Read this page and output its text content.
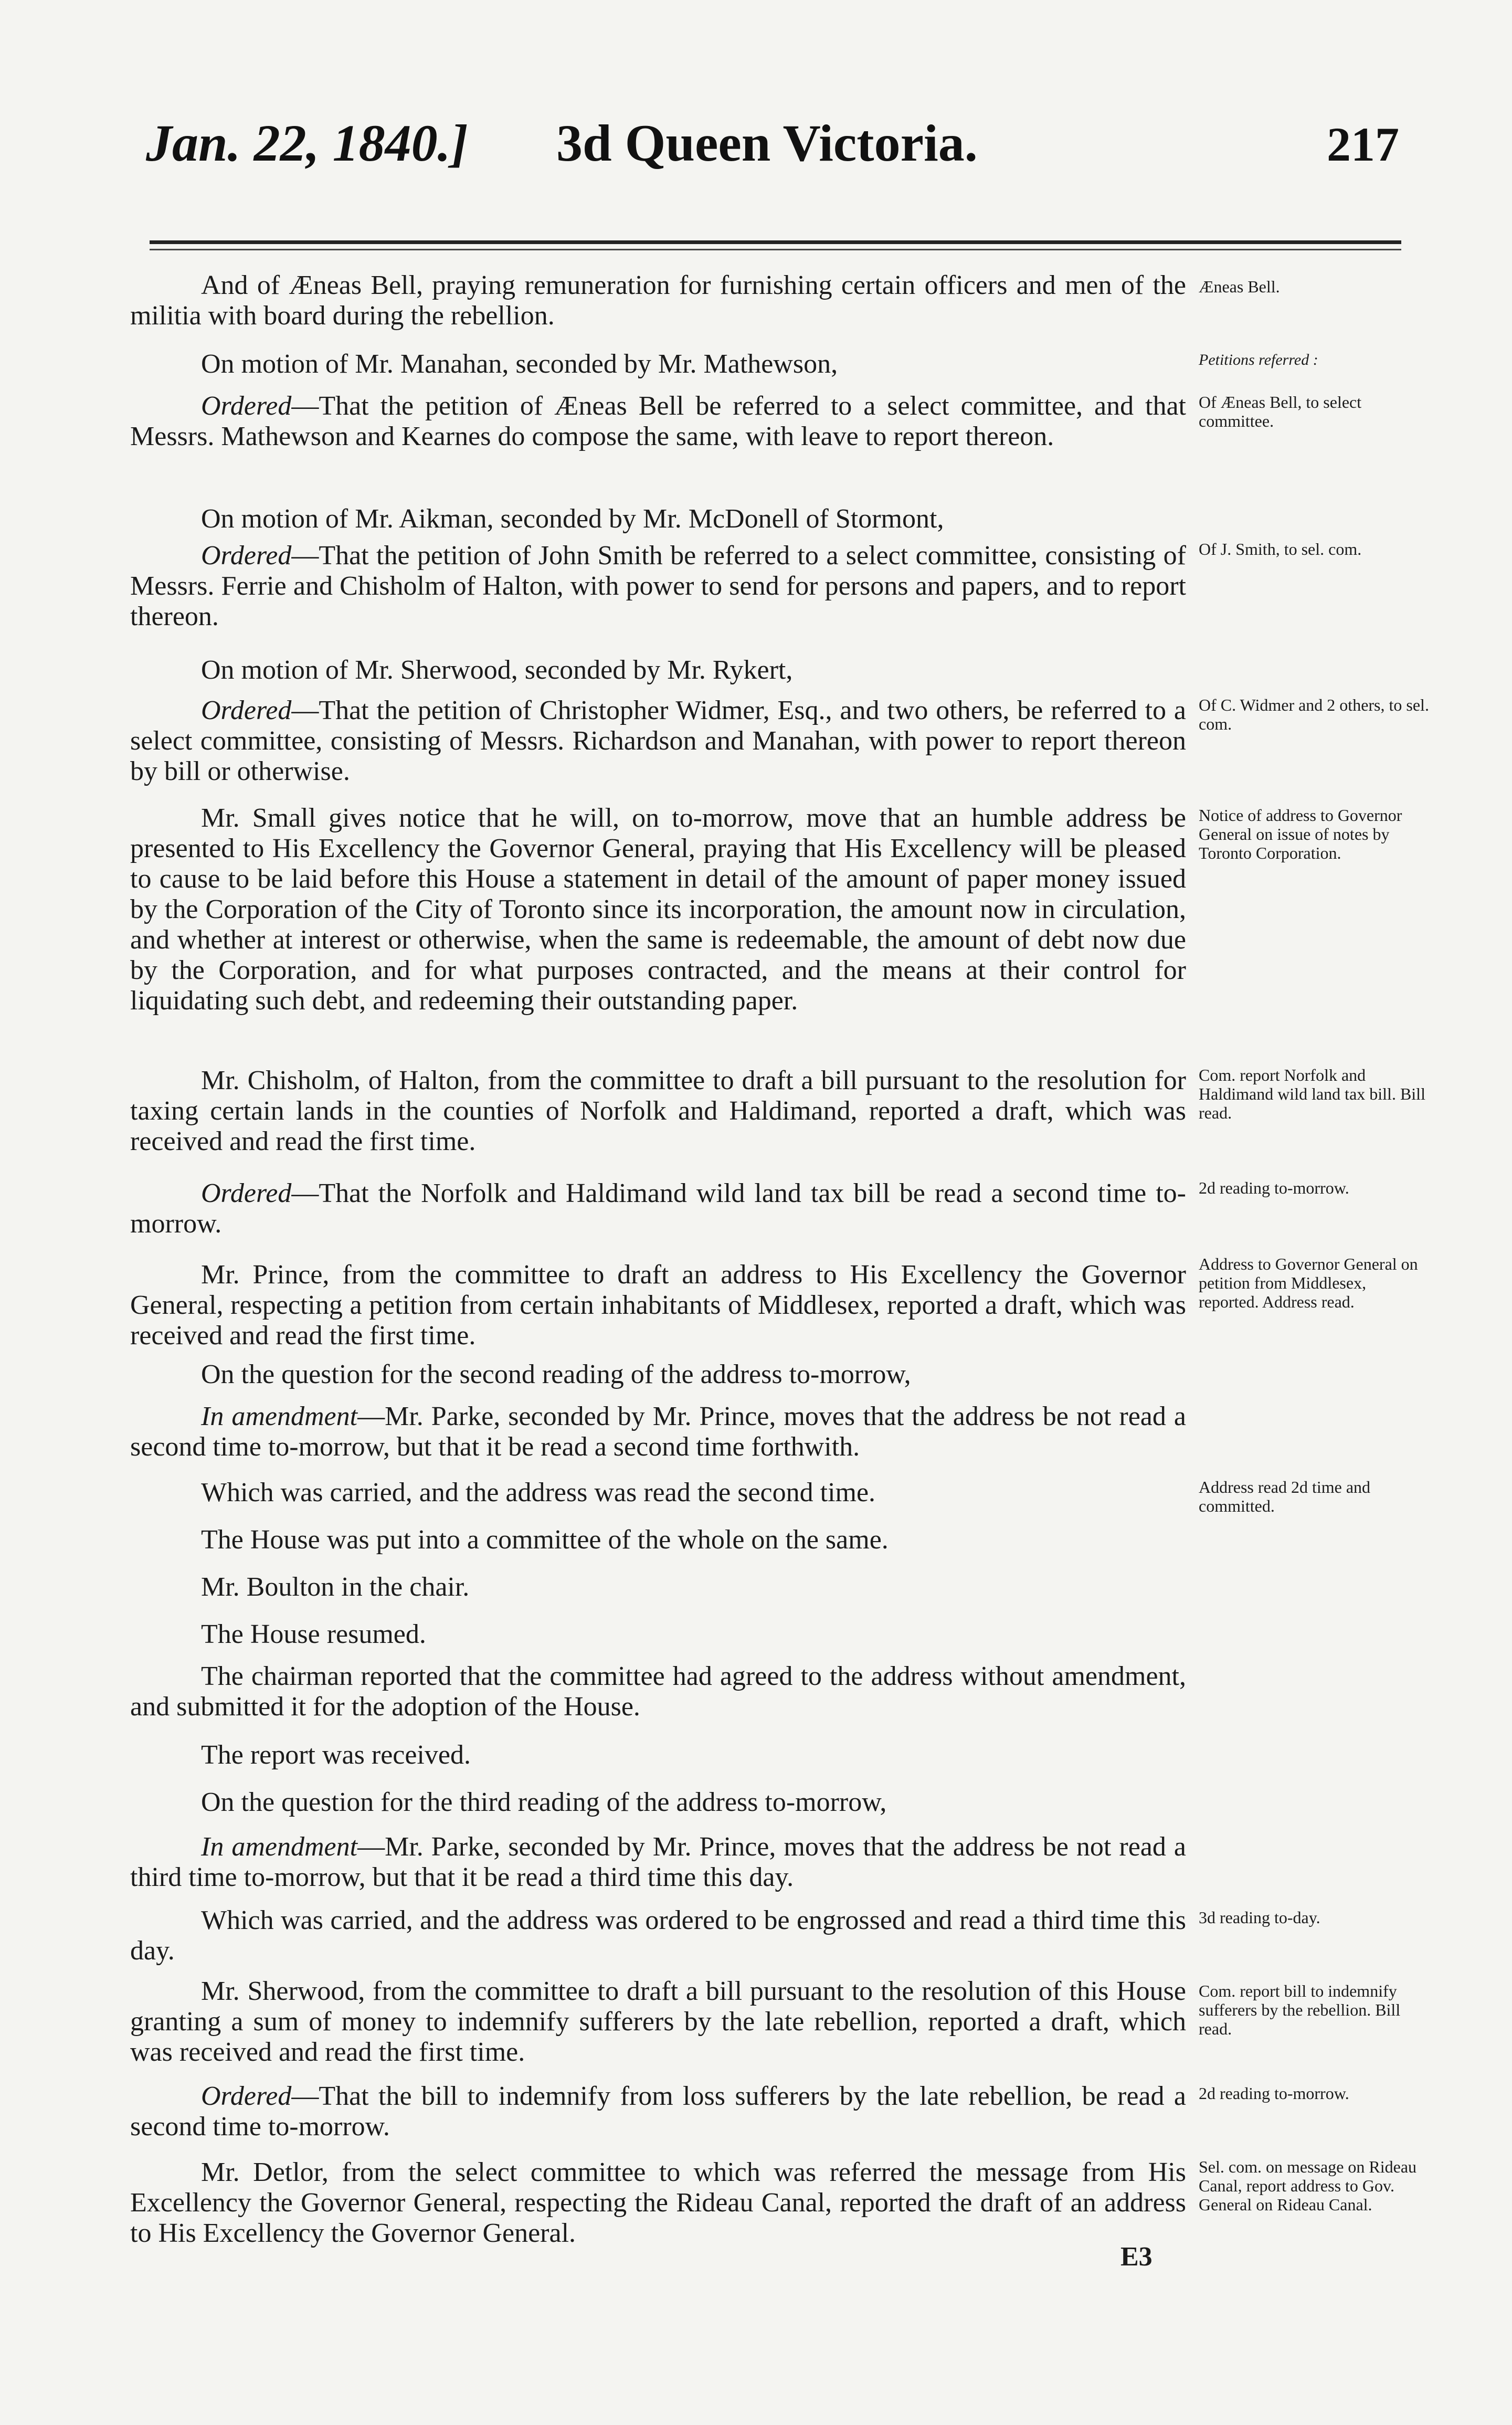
Jan. 22, 1840.] 3d Queen Victoria.	217
And of Æneas Bell, praying remuneration for furnishing certain officers and men of the militia with board during the rebellion.
On motion of Mr. Manahan, seconded by Mr. Mathewson,
Ordered—That the petition of Æneas Bell be referred to a select committee, and that Messrs. Mathewson and Kearnes do compose the same, with leave to report thereon.
On motion of Mr. Aikman, seconded by Mr. McDonell of Stormont,
Ordered—That the petition of John Smith be referred to a select committee, consisting of Messrs. Ferrie and Chisholm of Halton, with power to send for persons and papers, and to report thereon.
On motion of Mr. Sherwood, seconded by Mr. Rykert,
Ordered—That the petition of Christopher Widmer, Esq., and two others, be referred to a select committee, consisting of Messrs. Richardson and Manahan, with power to report thereon by bill or otherwise.
Mr. Small gives notice that he will, on to-morrow, move that an humble address be presented to His Excellency the Governor General, praying that His Excellency will be pleased to cause to be laid before this House a statement in detail of the amount of paper money issued by the Corporation of the City of Toronto since its incorporation, the amount now in circulation, and whether at interest or otherwise, when the same is redeemable, the amount of debt now due by the Corporation, and for what purposes contracted, and the means at their control for liquidating such debt, and redeeming their outstanding paper.
Mr. Chisholm, of Halton, from the committee to draft a bill pursuant to the resolution for taxing certain lands in the counties of Norfolk and Haldimand, reported a draft, which was received and read the first time.
Ordered—That the Norfolk and Haldimand wild land tax bill be read a second time to-morrow.
Mr. Prince, from the committee to draft an address to His Excellency the Governor General, respecting a petition from certain inhabitants of Middlesex, reported a draft, which was received and read the first time.
On the question for the second reading of the address to-morrow,
In amendment—Mr. Parke, seconded by Mr. Prince, moves that the address be not read a second time to-morrow, but that it be read a second time forthwith.
Which was carried, and the address was read the second time.
The House was put into a committee of the whole on the same.
Mr. Boulton in the chair.
The House resumed.
The chairman reported that the committee had agreed to the address without amendment, and submitted it for the adoption of the House.
The report was received.
On the question for the third reading of the address to-morrow,
In amendment—Mr. Parke, seconded by Mr. Prince, moves that the address be not read a third time to-morrow, but that it be read a third time this day.
Which was carried, and the address was ordered to be engrossed and read a third time this day.
Mr. Sherwood, from the committee to draft a bill pursuant to the resolution of this House granting a sum of money to indemnify sufferers by the late rebellion, reported a draft, which was received and read the first time.
Ordered—That the bill to indemnify from loss sufferers by the late rebellion, be read a second time to-morrow.
Mr. Detlor, from the select committee to which was referred the message from His Excellency the Governor General, respecting the Rideau Canal, reported the draft of an address to His Excellency the Governor General.
Æneas Bell.
Petitions referred :
Of Æneas Bell, to select committee.
Of J. Smith, to sel. com.
Of C. Widmer and 2 others, to sel. com.
Notice of address to Governor General on issue of notes by Toronto Corporation.
Com. report Norfolk and Haldimand wild land tax bill. Bill read.
2d reading to-morrow.
Address to Governor General on petition from Middlesex, reported. Address read.
Address read 2d time and committed.
3d reading to-day.
Com. report bill to indemnify sufferers by the rebellion. Bill read.
2d reading to-morrow.
Sel. com. on message on Rideau Canal, report address to Gov. General on Rideau Canal.
E3
